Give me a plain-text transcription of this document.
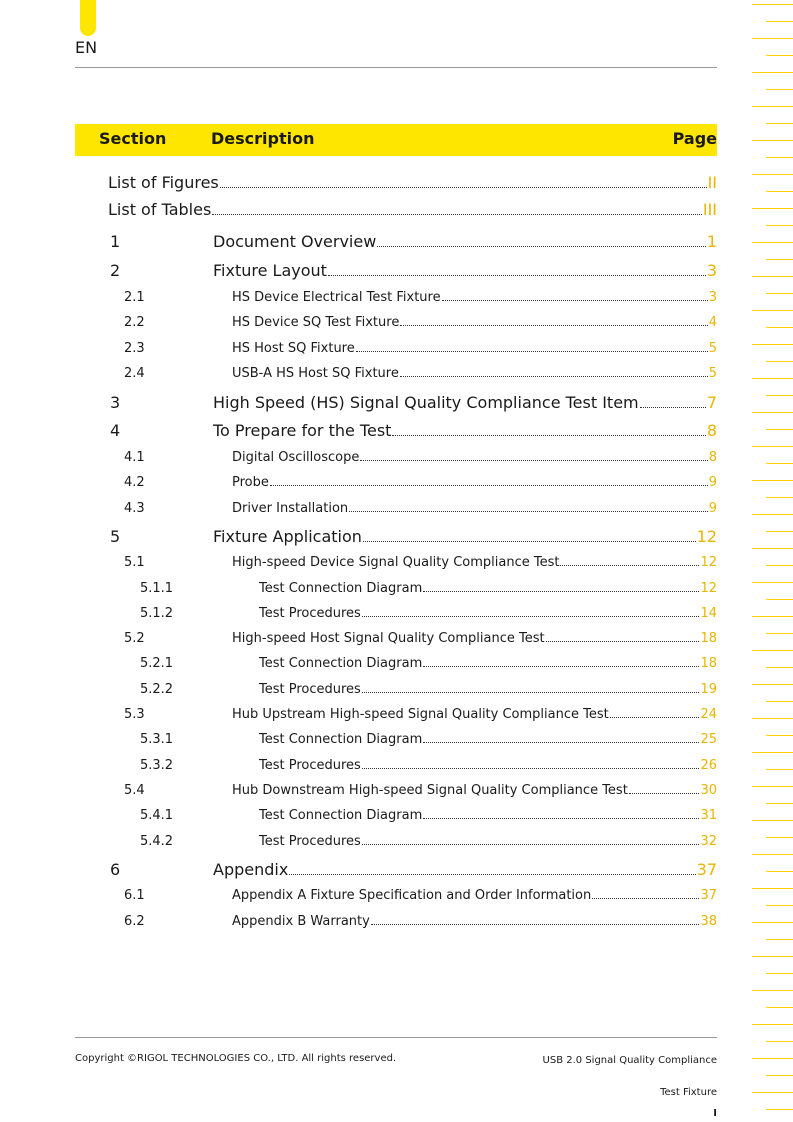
EN
Section	Description	Page
List of Figures	II
List of Tables	III
1	Document Overview	1
2	Fixture Layout	3
2.1	HS Device Electrical Test Fixture	3
2.2	HS Device SQ Test Fixture	4
2.3	HS Host SQ Fixture	5
2.4	USB-A HS Host SQ Fixture	5
3	High Speed (HS) Signal Quality Compliance Test Item	7
4	To Prepare for the Test	8
4.1	Digital Oscilloscope	8
4.2	Probe	9
4.3	Driver Installation	9
5	Fixture Application	12
5.1	High-speed Device Signal Quality Compliance Test	12
5.1.1	Test Connection Diagram	12
5.1.2	Test Procedures	14
5.2	High-speed Host Signal Quality Compliance Test	18
5.2.1	Test Connection Diagram	18
5.2.2	Test Procedures	19
5.3	Hub Upstream High-speed Signal Quality Compliance Test	24
5.3.1	Test Connection Diagram	25
5.3.2	Test Procedures	26
5.4	Hub Downstream High-speed Signal Quality Compliance Test	30
5.4.1	Test Connection Diagram	31
5.4.2	Test Procedures	32
6	Appendix	37
6.1	Appendix A Fixture Specification and Order Information	37
6.2	Appendix B Warranty	38
Copyright ©RIGOL TECHNOLOGIES CO., LTD. All rights reserved.	USB 2.0 Signal Quality Compliance
Test Fixture
I
